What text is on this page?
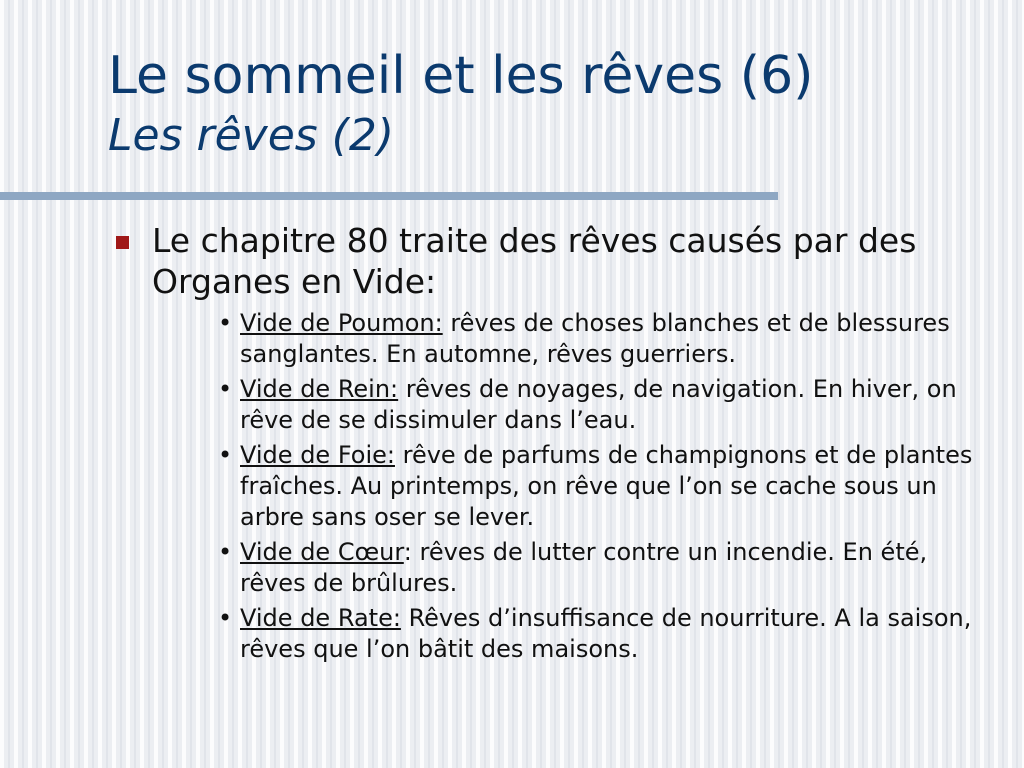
Le sommeil et les rêves (6)
Les rêves (2)
Le chapitre 80 traite des rêves causés par des Organes en Vide:
• Vide de Poumon: rêves de choses blanches et de blessures sanglantes. En automne, rêves guerriers.
• Vide de Rein: rêves de noyages, de navigation. En hiver, on rêve de se dissimuler dans l’eau.
• Vide de Foie: rêve de parfums de champignons et de plantes fraîches. Au printemps, on rêve que l’on se cache sous un arbre sans oser se lever.
• Vide de Cœur: rêves de lutter contre un incendie. En été, rêves de brûlures.
• Vide de Rate: Rêves d’insuffisance de nourriture. A la saison, rêves que l’on bâtit des maisons.
